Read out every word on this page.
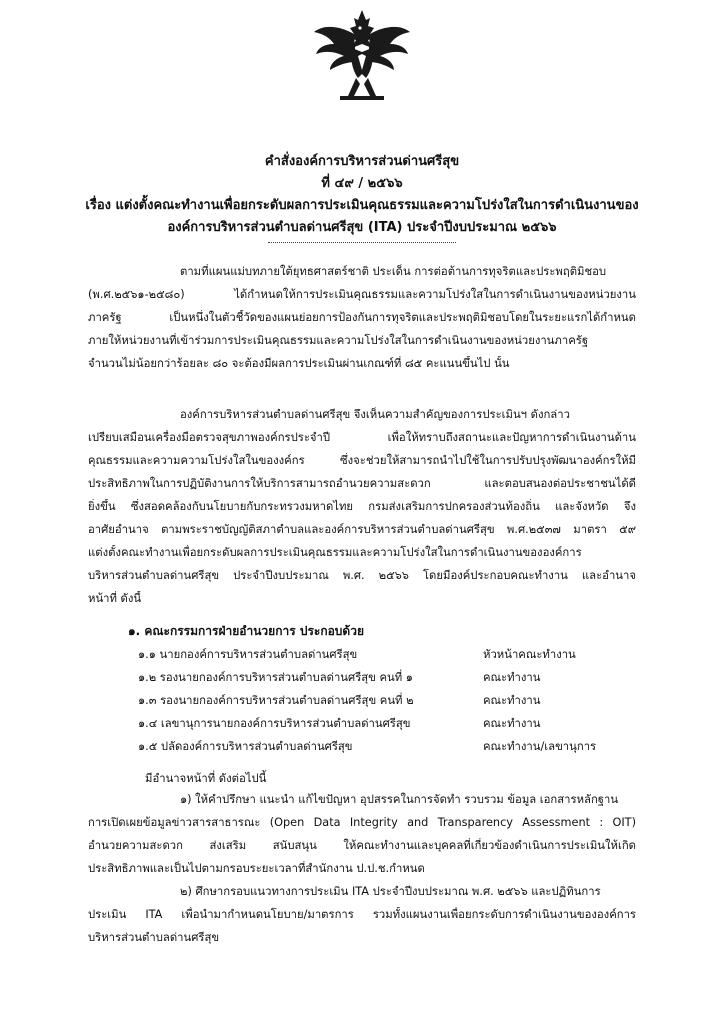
คำสั่งองค์การบริหารส่วนด่านศรีสุข
ที่ ๔๙ / ๒๕๖๖
เรื่อง แต่งตั้งคณะทำงานเพื่อยกระดับผลการประเมินคุณธรรมและความโปร่งใสในการดำเนินงานของ
องค์การบริหารส่วนตำบลด่านศรีสุข (ITA) ประจำปีงบประมาณ ๒๕๖๖
ตามที่แผนแม่บทภายใต้ยุทธศาสตร์ชาติ ประเด็น การต่อต้านการทุจริตและประพฤติมิชอบ
(พ.ศ.๒๕๖๑-๒๕๘๐) ได้กำหนดให้การประเมินคุณธรรมและความโปร่งใสในการดำเนินงานของหน่วยงาน
ภาครัฐ เป็นหนึ่งในตัวชี้วัดของแผนย่อยการป้องกันการทุจริตและประพฤติมิชอบโดยในระยะแรกได้กำหนด
ภายให้หน่วยงานที่เข้าร่วมการประเมินคุณธรรมและความโปร่งใสในการดำเนินงานของหน่วยงานภาครัฐ
จำนวนไม่น้อยกว่าร้อยละ ๘๐ จะต้องมีผลการประเมินผ่านเกณฑ์ที่ ๘๕ คะแนนขึ้นไป นั้น
องค์การบริหารส่วนตำบลด่านศรีสุข จึงเห็นความสำคัญของการประเมินฯ ดังกล่าว
เปรียบเสมือนเครื่องมือตรวจสุขภาพองค์กรประจำปี เพื่อให้ทราบถึงสถานะและปัญหาการดำเนินงานด้าน
คุณธรรมและความความโปร่งใสในของงค์กร ซึ่งจะช่วยให้สามารถนำไปใช้ในการปรับปรุงพัฒนาองค์กรให้มี
ประสิทธิภาพในการปฏิบัติงานการให้บริการสามารถอำนวยความสะดวก และตอบสนองต่อประชาชนได้ดี
ยิ่งขึ้น ซึ่งสอดคล้องกับนโยบายกับกระทรวงมหาดไทย กรมส่งเสริมการปกครองส่วนท้องถิ่น และจังหวัด จึง
อาศัยอำนาจ ตามพระราชบัญญัติสภาตำบลและองค์การบริหารส่วนตำบลด่านศรีสุข พ.ศ.๒๕๓๗ มาตรา ๕๙
แต่งตั้งคณะทำงานเพื่อยกระดับผลการประเมินคุณธรรมและความโปร่งใสในการดำเนินงานขององค์การ
บริหารส่วนตำบลด่านศรีสุข ประจำปีงบประมาณ พ.ศ. ๒๕๖๖ โดยมีองค์ประกอบคณะทำงาน และอำนาจ
หน้าที่ ดังนี้
๑. คณะกรรมการฝ่ายอำนวยการ ประกอบด้วย
๑.๑ นายกองค์การบริหารส่วนตำบลด่านศรีสุข	หัวหน้าคณะทำงาน
๑.๒ รองนายกองค์การบริหารส่วนตำบลด่านศรีสุข คนที่ ๑	คณะทำงาน
๑.๓ รองนายกองค์การบริหารส่วนตำบลด่านศรีสุข คนที่ ๒	คณะทำงาน
๑.๔ เลขานุการนายกองค์การบริหารส่วนตำบลด่านศรีสุข	คณะทำงาน
๑.๕ ปลัดองค์การบริหารส่วนตำบลด่านศรีสุข	คณะทำงาน/เลขานุการ
มีอำนาจหน้าที่ ดังต่อไปนี้
๑) ให้คำปรึกษา แนะนำ แก้ไขปัญหา อุปสรรคในการจัดทำ รวบรวม ข้อมูล เอกสารหลักฐาน
การเปิดเผยข้อมูลข่าวสารสาธารณะ (Open Data Integrity and Transparency Assessment : OIT)
อำนวยความสะดวก ส่งเสริม สนับสนุน ให้คณะทำงานและบุคคลที่เกี่ยวข้องดำเนินการประเมินให้เกิด
ประสิทธิภาพและเป็นไปตามกรอบระยะเวลาที่สำนักงาน ป.ป.ช.กำหนด
๒) ศึกษากรอบแนวทางการประเมิน ITA ประจำปีงบประมาณ พ.ศ. ๒๕๖๖ และปฏิทินการ
ประเมิน ITA เพื่อนำมากำหนดนโยบาย/มาตรการ รวมทั้งแผนงานเพื่อยกระดับการดำเนินงานขององค์การ
บริหารส่วนตำบลด่านศรีสุข
